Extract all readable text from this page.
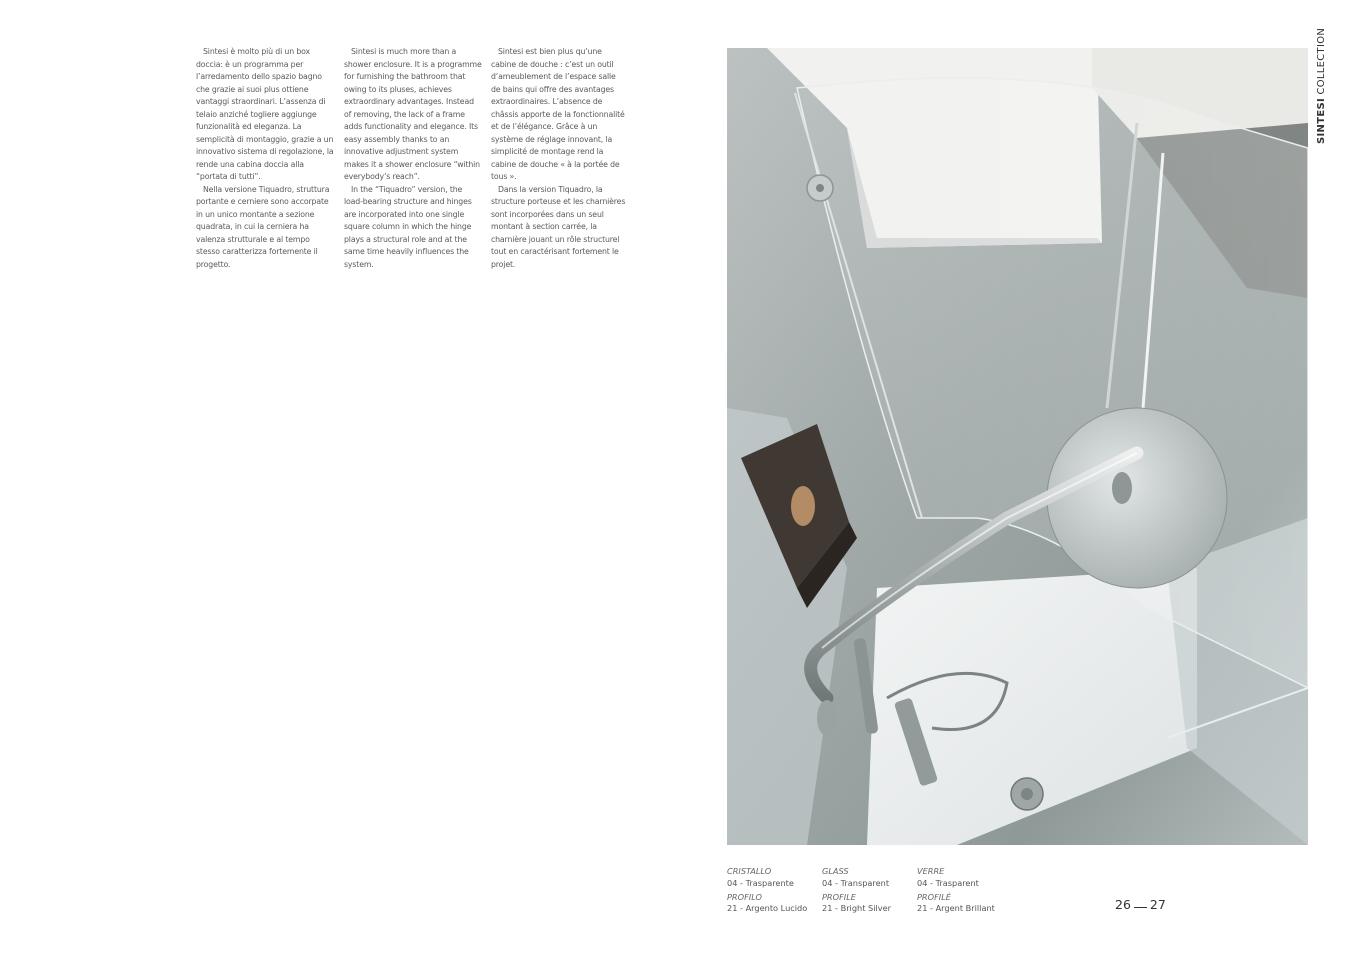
Sintesi è molto più di un box doccia: è un programma per l’arredamento dello spazio bagno che grazie ai suoi plus ottiene vantaggi straordinari. L’assenza di telaio anziché togliere aggiunge funzionalità ed eleganza. La semplicità di montaggio, grazie a un innovativo sistema di regolazione, la rende una cabina doccia alla “portata di tutti”.

Nella versione Tiquadro, struttura portante e cerniere sono accorpate in un unico montante a sezione quadrata, in cui la cerniera ha valenza strutturale e al tempo stesso caratterizza fortemente il progetto.

Sintesi is much more than a shower enclosure. It is a programme for furnishing the bathroom that owing to its pluses, achieves extraordinary advantages. Instead of removing, the lack of a frame adds functionality and elegance. Its easy assembly thanks to an innovative adjustment system makes it a shower enclosure “within everybody’s reach”.

In the “Tiquadro” version, the load-bearing structure and hinges are incorporated into one single square column in which the hinge plays a structural role and at the same time heavily influences the system.

Sintesi est bien plus qu’une cabine de douche : c’est un outil d’ameublement de l’espace salle de bains qui offre des avantages extraordinaires. L’absence de châssis apporte de la fonctionnalité et de l’élégance. Grâce à un système de réglage innovant, la simplicité de montage rend la cabine de douche « à la portée de tous ».

Dans la version Tiquadro, la structure porteuse et les charnières sont incorporées dans un seul montant à section carrée, la charnière jouant un rôle structurel tout en caractérisant fortement le projet.

SINTESI COLLECTION
CRISTALLO
04 - Trasparente
PROFILO
21 - Argento Lucido
GLASS
04 - Transparent
PROFILE
21 - Bright Silver
VERRE
04 - Trasparent
PROFILÉ
21 - Argent Brillant	26 27
